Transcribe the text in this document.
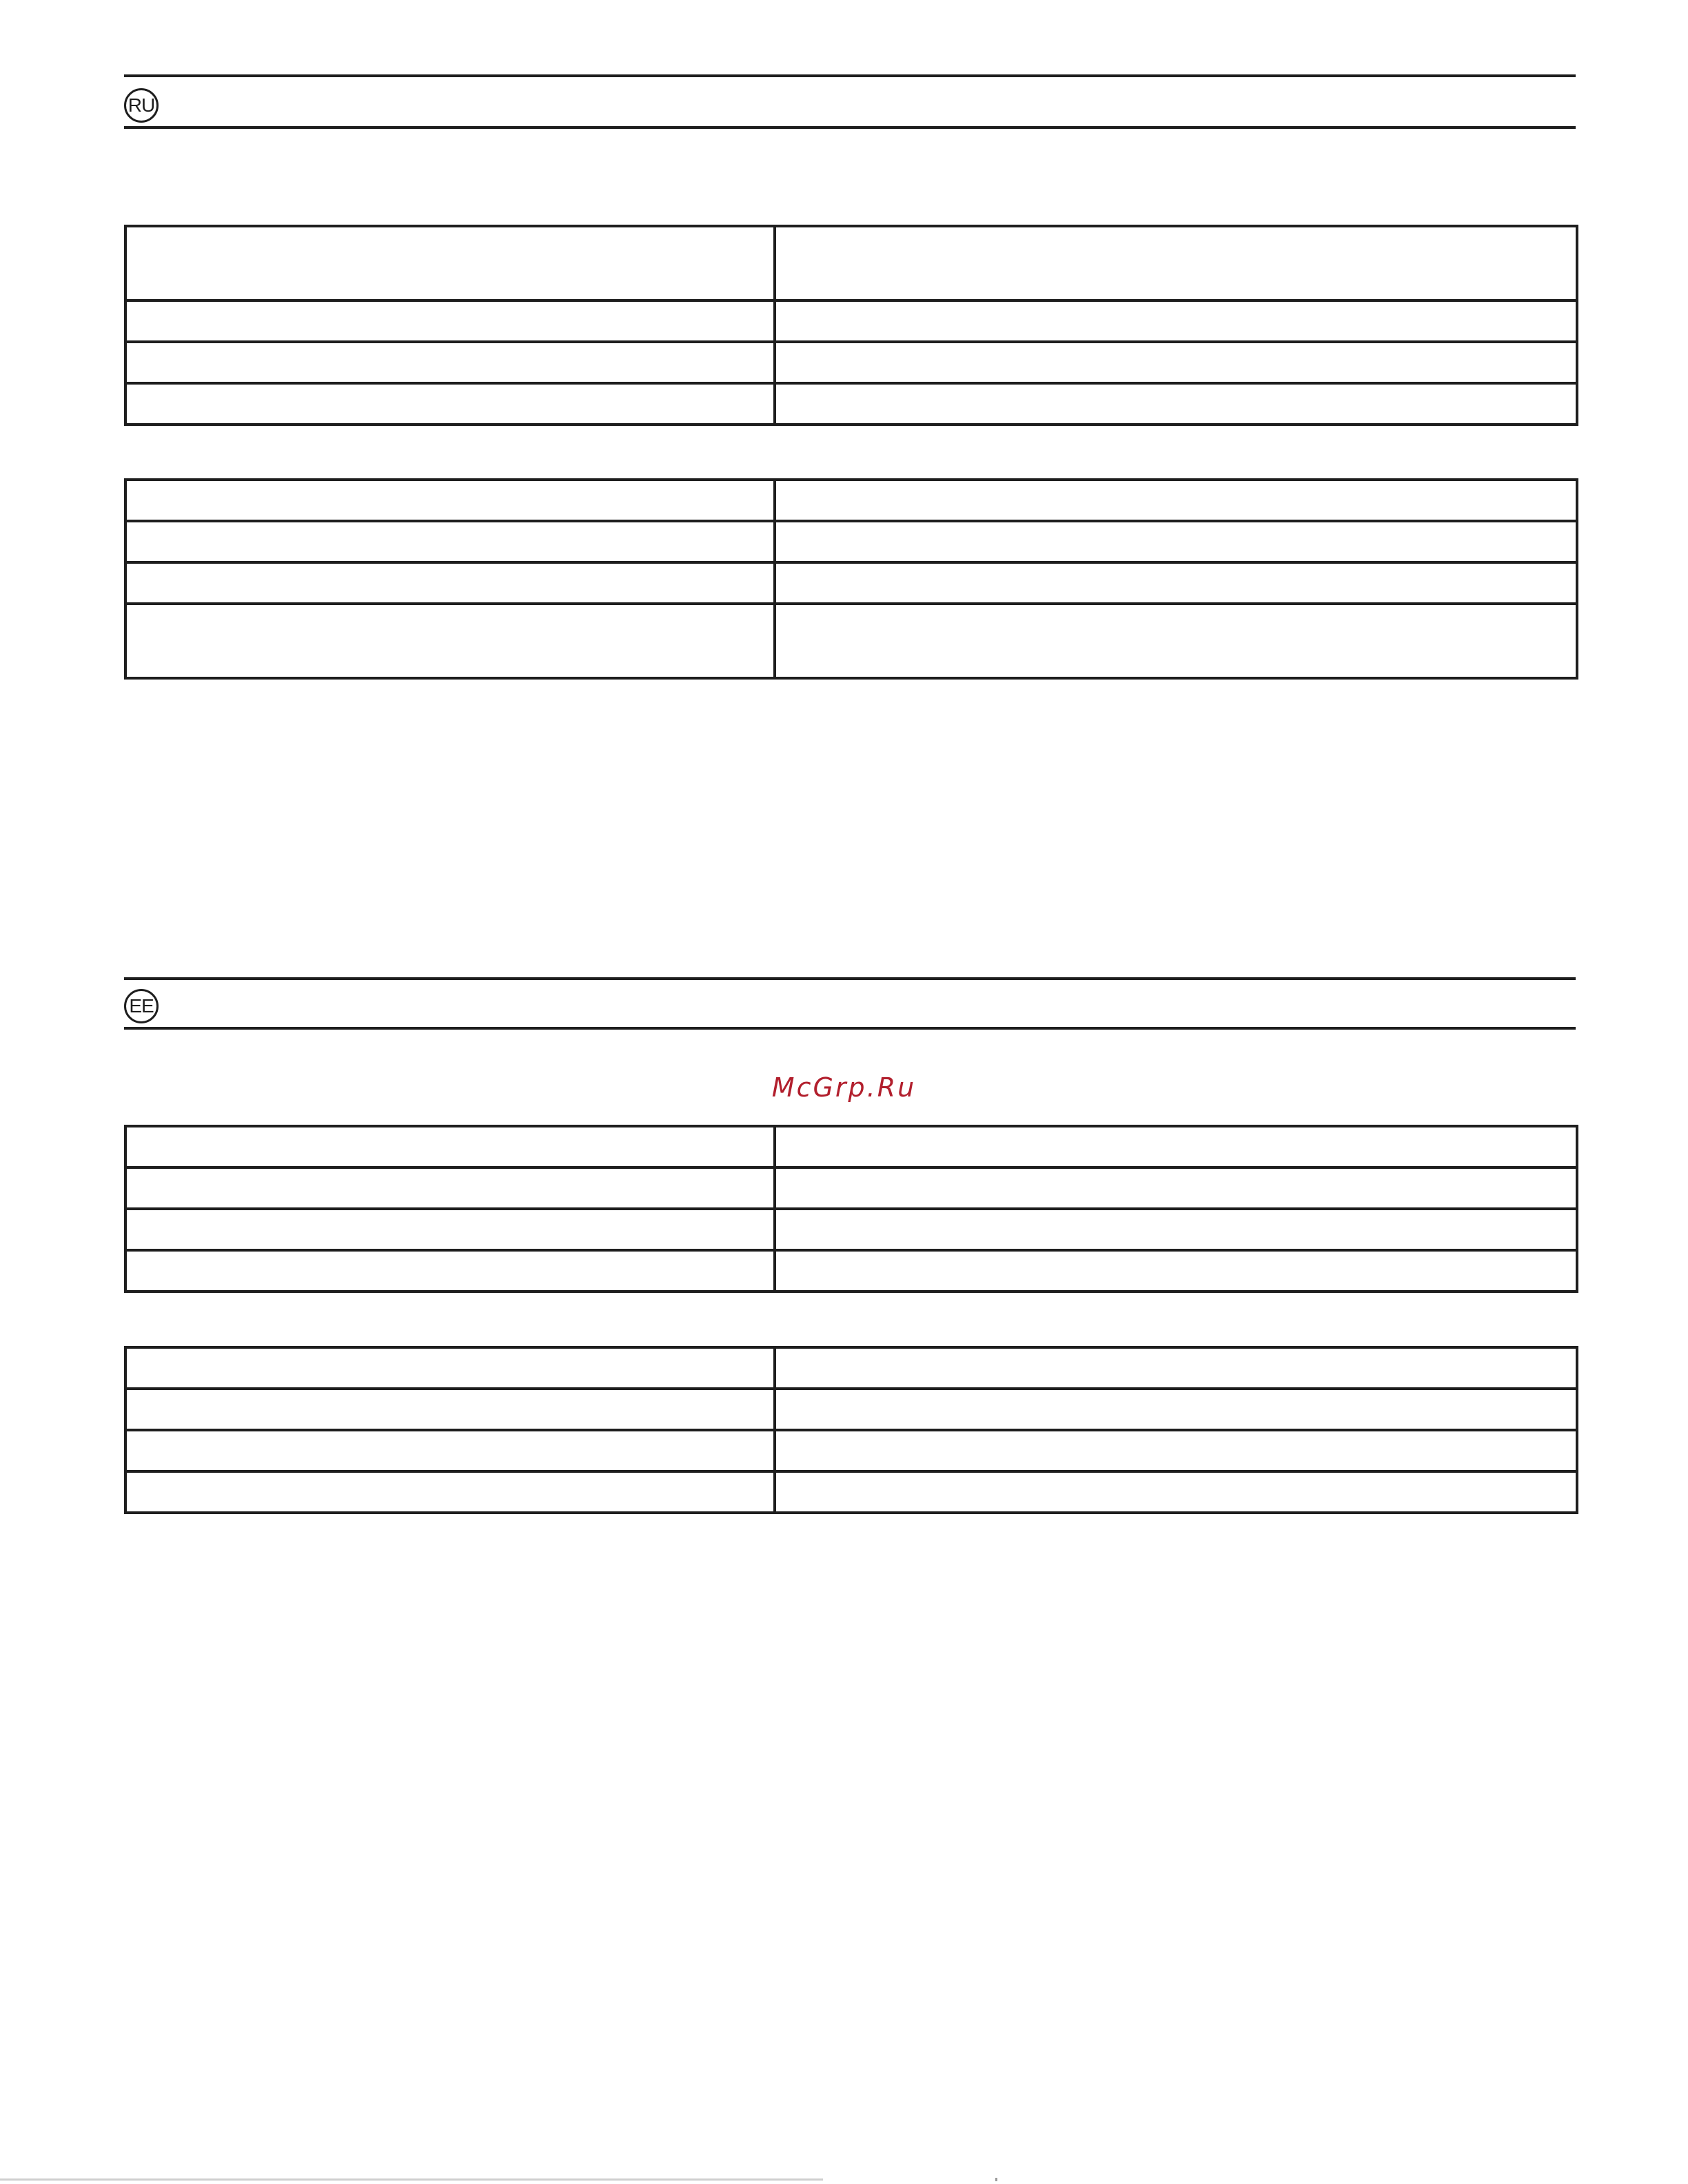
RU

EE
McGrp.Ru
